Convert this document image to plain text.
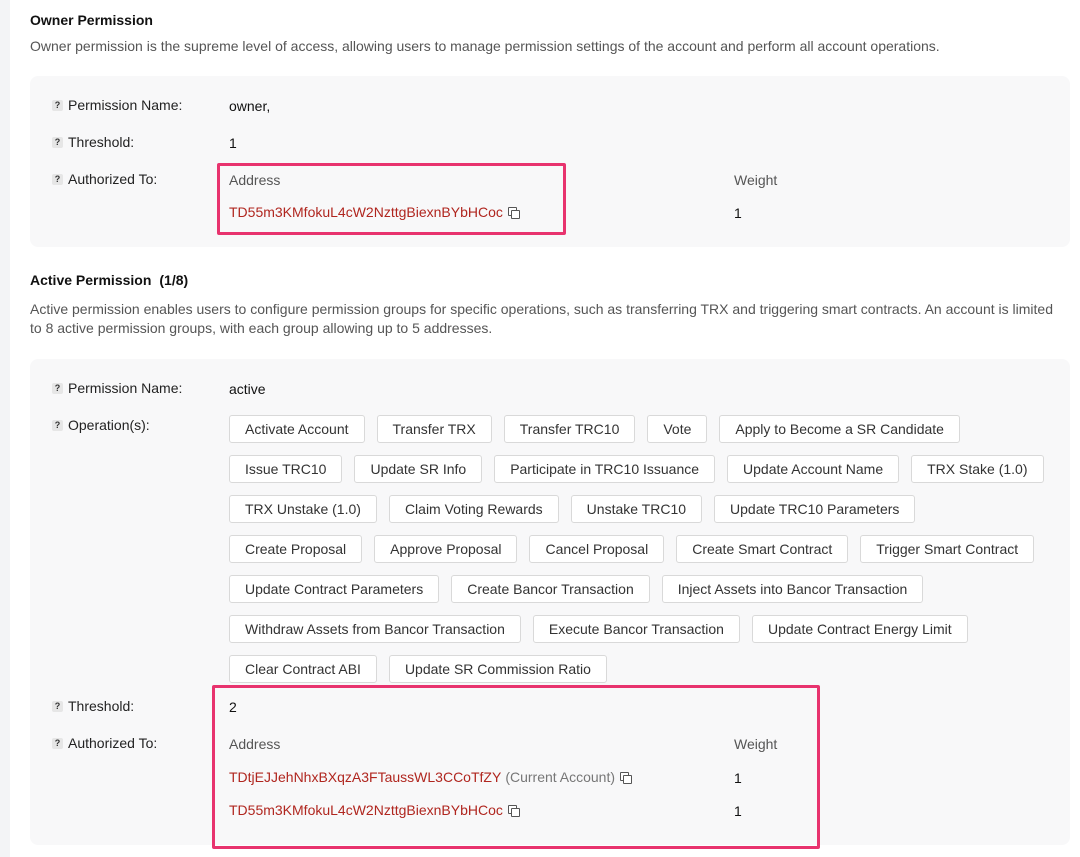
Owner Permission
Owner permission is the supreme level of access, allowing users to manage permission settings of the account and perform all account operations.
? Permission Name:	owner,
? Threshold:	1
? Authorized To:	Address	Weight
TD55m3KMfokuL4cW2NzttgBiexnBYbHCoc	1
Active Permission (1/8)
Active permission enables users to configure permission groups for specific operations, such as transferring TRX and triggering smart contracts. An account is limited to 8 active permission groups, with each group allowing up to 5 addresses.
? Permission Name:	active
? Operation(s):	Activate Account	Transfer TRX	Transfer TRC10	Vote	Apply to Become a SR Candidate
Issue TRC10	Update SR Info	Participate in TRC10 Issuance	Update Account Name	TRX Stake (1.0)
TRX Unstake (1.0)	Claim Voting Rewards	Unstake TRC10	Update TRC10 Parameters
Create Proposal	Approve Proposal	Cancel Proposal	Create Smart Contract	Trigger Smart Contract
Update Contract Parameters	Create Bancor Transaction	Inject Assets into Bancor Transaction
Withdraw Assets from Bancor Transaction	Execute Bancor Transaction	Update Contract Energy Limit
Clear Contract ABI	Update SR Commission Ratio
? Threshold:	2
? Authorized To:	Address	Weight
TDtjEJJehNhxBXqzA3FTaussWL3CCoTfZY (Current Account)	1
TD55m3KMfokuL4cW2NzttgBiexnBYbHCoc	1
